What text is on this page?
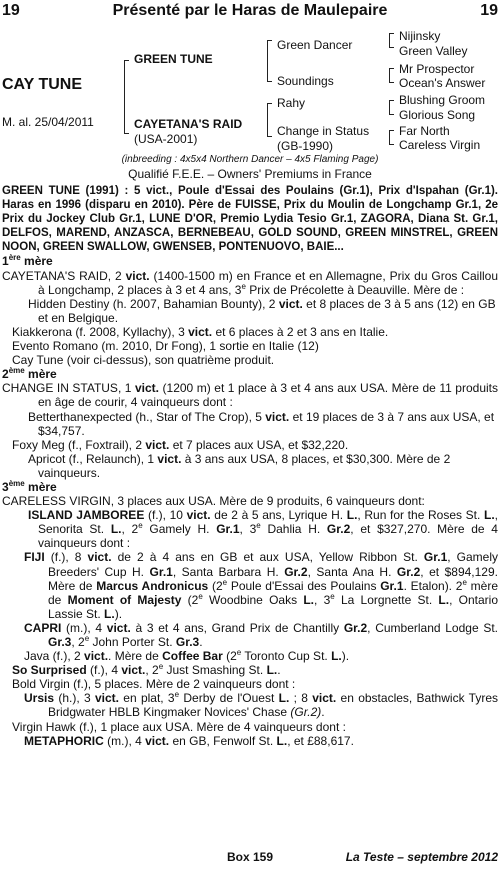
19	Présenté par le Haras de Maulepaire	19
CAY TUNE
M. al. 25/04/2011
GREEN TUNE
CAYETANA'S RAID
(USA-2001)
Green Dancer
Soundings
Rahy
Change in Status
(GB-1990)
Nijinsky
Green Valley
Mr Prospector
Ocean's Answer
Blushing Groom
Glorious Song
Far North
Careless Virgin
(inbreeding : 4x5x4 Northern Dancer – 4x5 Flaming Page)
Qualifié F.E.E. – Owners' Premiums in France

GREEN TUNE (1991) : 5 vict., Poule d'Essai des Poulains (Gr.1), Prix d'Ispahan (Gr.1). Haras en 1996 (disparu en 2010). Père de FUISSE, Prix du Moulin de Longchamp Gr.1, 2e Prix du Jockey Club Gr.1, LUNE D'OR, Premio Lydia Tesio Gr.1, ZAGORA, Diana St. Gr.1, DELFOS, MAREND, ANZASCA, BERNEBEAU, GOLD SOUND, GREEN MINSTREL, GREEN NOON, GREEN SWALLOW, GWENSEB, PONTENUOVO, BAIE...

1ère mère

CAYETANA'S RAID, 2 vict. (1400-1500 m) en France et en Allemagne, Prix du Gros Caillou à Longchamp, 2 places à 3 et 4 ans, 3e Prix de Précolette à Deauville. Mère de :

Hidden Destiny (h. 2007, Bahamian Bounty), 2 vict. et 8 places de 3 à 5 ans (12) en GB et en Belgique.

Kiakkerona (f. 2008, Kyllachy), 3 vict. et 6 places à 2 et 3 ans en Italie.

Evento Romano (m. 2010, Dr Fong), 1 sortie en Italie (12)

Cay Tune (voir ci-dessus), son quatrième produit.

2ème mère

CHANGE IN STATUS, 1 vict. (1200 m) et 1 place à 3 et 4 ans aux USA. Mère de 11 produits en âge de courir, 4 vainqueurs dont :

Betterthanexpected (h., Star of The Crop), 5 vict. et 19 places de 3 à 7 ans aux USA, et $34,757.

Foxy Meg (f., Foxtrail), 2 vict. et 7 places aux USA, et $32,220.

Apricot (f., Relaunch), 1 vict. à 3 ans aux USA, 8 places, et $30,300. Mère de 2 vainqueurs.

3ème mère

CARELESS VIRGIN, 3 places aux USA. Mère de 9 produits, 6 vainqueurs dont:

ISLAND JAMBOREE (f.), 10 vict. de 2 à 5 ans, Lyrique H. L., Run for the Roses St. L., Senorita St. L., 2e Gamely H. Gr.1, 3e Dahlia H. Gr.2, et $327,270. Mère de 4 vainqueurs dont :

FIJI (f.), 8 vict. de 2 à 4 ans en GB et aux USA, Yellow Ribbon St. Gr.1, Gamely Breeders' Cup H. Gr.1, Santa Barbara H. Gr.2, Santa Ana H. Gr.2, et $894,129. Mère de Marcus Andronicus (2e Poule d'Essai des Poulains Gr.1. Etalon). 2e mère de Moment of Majesty (2e Woodbine Oaks L., 3e La Lorgnette St. L., Ontario Lassie St. L.).

CAPRI (m.), 4 vict. à 3 et 4 ans, Grand Prix de Chantilly Gr.2, Cumberland Lodge St. Gr.3, 2e John Porter St. Gr.3.

Java (f.), 2 vict.. Mère de Coffee Bar (2e Toronto Cup St. L.).

So Surprised (f.), 4 vict., 2e Just Smashing St. L..

Bold Virgin (f.), 5 places. Mère de 2 vainqueurs dont :

Ursis (h.), 3 vict. en plat, 3e Derby de l'Ouest L. ; 8 vict. en obstacles, Bathwick Tyres Bridgwater HBLB Kingmaker Novices' Chase (Gr.2).

Virgin Hawk (f.), 1 place aux USA. Mère de 4 vainqueurs dont :

METAPHORIC (m.), 4 vict. en GB, Fenwolf St. L., et £88,617.

Box 159	La Teste – septembre 2012
